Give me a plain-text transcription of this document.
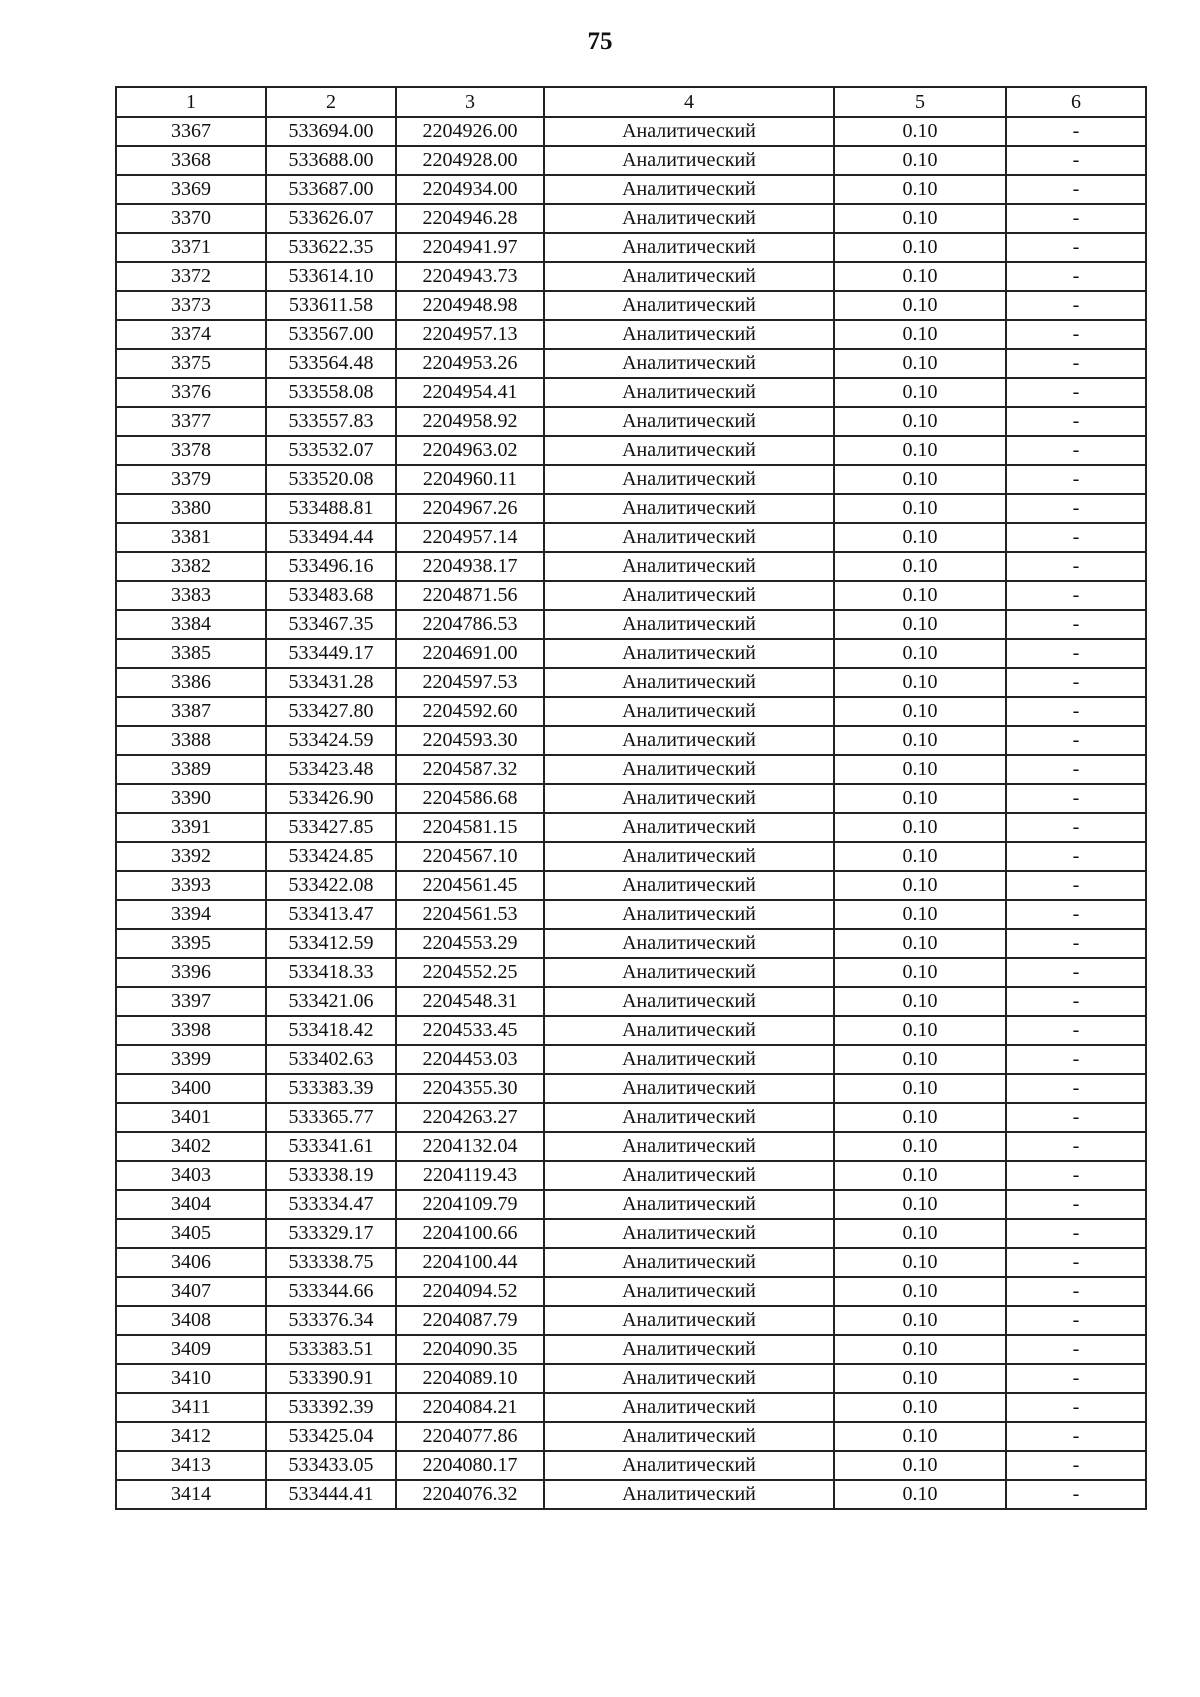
75
1	2	3	4	5	6
3367	533694.00	2204926.00	Аналитический	0.10	-
3368	533688.00	2204928.00	Аналитический	0.10	-
3369	533687.00	2204934.00	Аналитический	0.10	-
3370	533626.07	2204946.28	Аналитический	0.10	-
3371	533622.35	2204941.97	Аналитический	0.10	-
3372	533614.10	2204943.73	Аналитический	0.10	-
3373	533611.58	2204948.98	Аналитический	0.10	-
3374	533567.00	2204957.13	Аналитический	0.10	-
3375	533564.48	2204953.26	Аналитический	0.10	-
3376	533558.08	2204954.41	Аналитический	0.10	-
3377	533557.83	2204958.92	Аналитический	0.10	-
3378	533532.07	2204963.02	Аналитический	0.10	-
3379	533520.08	2204960.11	Аналитический	0.10	-
3380	533488.81	2204967.26	Аналитический	0.10	-
3381	533494.44	2204957.14	Аналитический	0.10	-
3382	533496.16	2204938.17	Аналитический	0.10	-
3383	533483.68	2204871.56	Аналитический	0.10	-
3384	533467.35	2204786.53	Аналитический	0.10	-
3385	533449.17	2204691.00	Аналитический	0.10	-
3386	533431.28	2204597.53	Аналитический	0.10	-
3387	533427.80	2204592.60	Аналитический	0.10	-
3388	533424.59	2204593.30	Аналитический	0.10	-
3389	533423.48	2204587.32	Аналитический	0.10	-
3390	533426.90	2204586.68	Аналитический	0.10	-
3391	533427.85	2204581.15	Аналитический	0.10	-
3392	533424.85	2204567.10	Аналитический	0.10	-
3393	533422.08	2204561.45	Аналитический	0.10	-
3394	533413.47	2204561.53	Аналитический	0.10	-
3395	533412.59	2204553.29	Аналитический	0.10	-
3396	533418.33	2204552.25	Аналитический	0.10	-
3397	533421.06	2204548.31	Аналитический	0.10	-
3398	533418.42	2204533.45	Аналитический	0.10	-
3399	533402.63	2204453.03	Аналитический	0.10	-
3400	533383.39	2204355.30	Аналитический	0.10	-
3401	533365.77	2204263.27	Аналитический	0.10	-
3402	533341.61	2204132.04	Аналитический	0.10	-
3403	533338.19	2204119.43	Аналитический	0.10	-
3404	533334.47	2204109.79	Аналитический	0.10	-
3405	533329.17	2204100.66	Аналитический	0.10	-
3406	533338.75	2204100.44	Аналитический	0.10	-
3407	533344.66	2204094.52	Аналитический	0.10	-
3408	533376.34	2204087.79	Аналитический	0.10	-
3409	533383.51	2204090.35	Аналитический	0.10	-
3410	533390.91	2204089.10	Аналитический	0.10	-
3411	533392.39	2204084.21	Аналитический	0.10	-
3412	533425.04	2204077.86	Аналитический	0.10	-
3413	533433.05	2204080.17	Аналитический	0.10	-
3414	533444.41	2204076.32	Аналитический	0.10	-
